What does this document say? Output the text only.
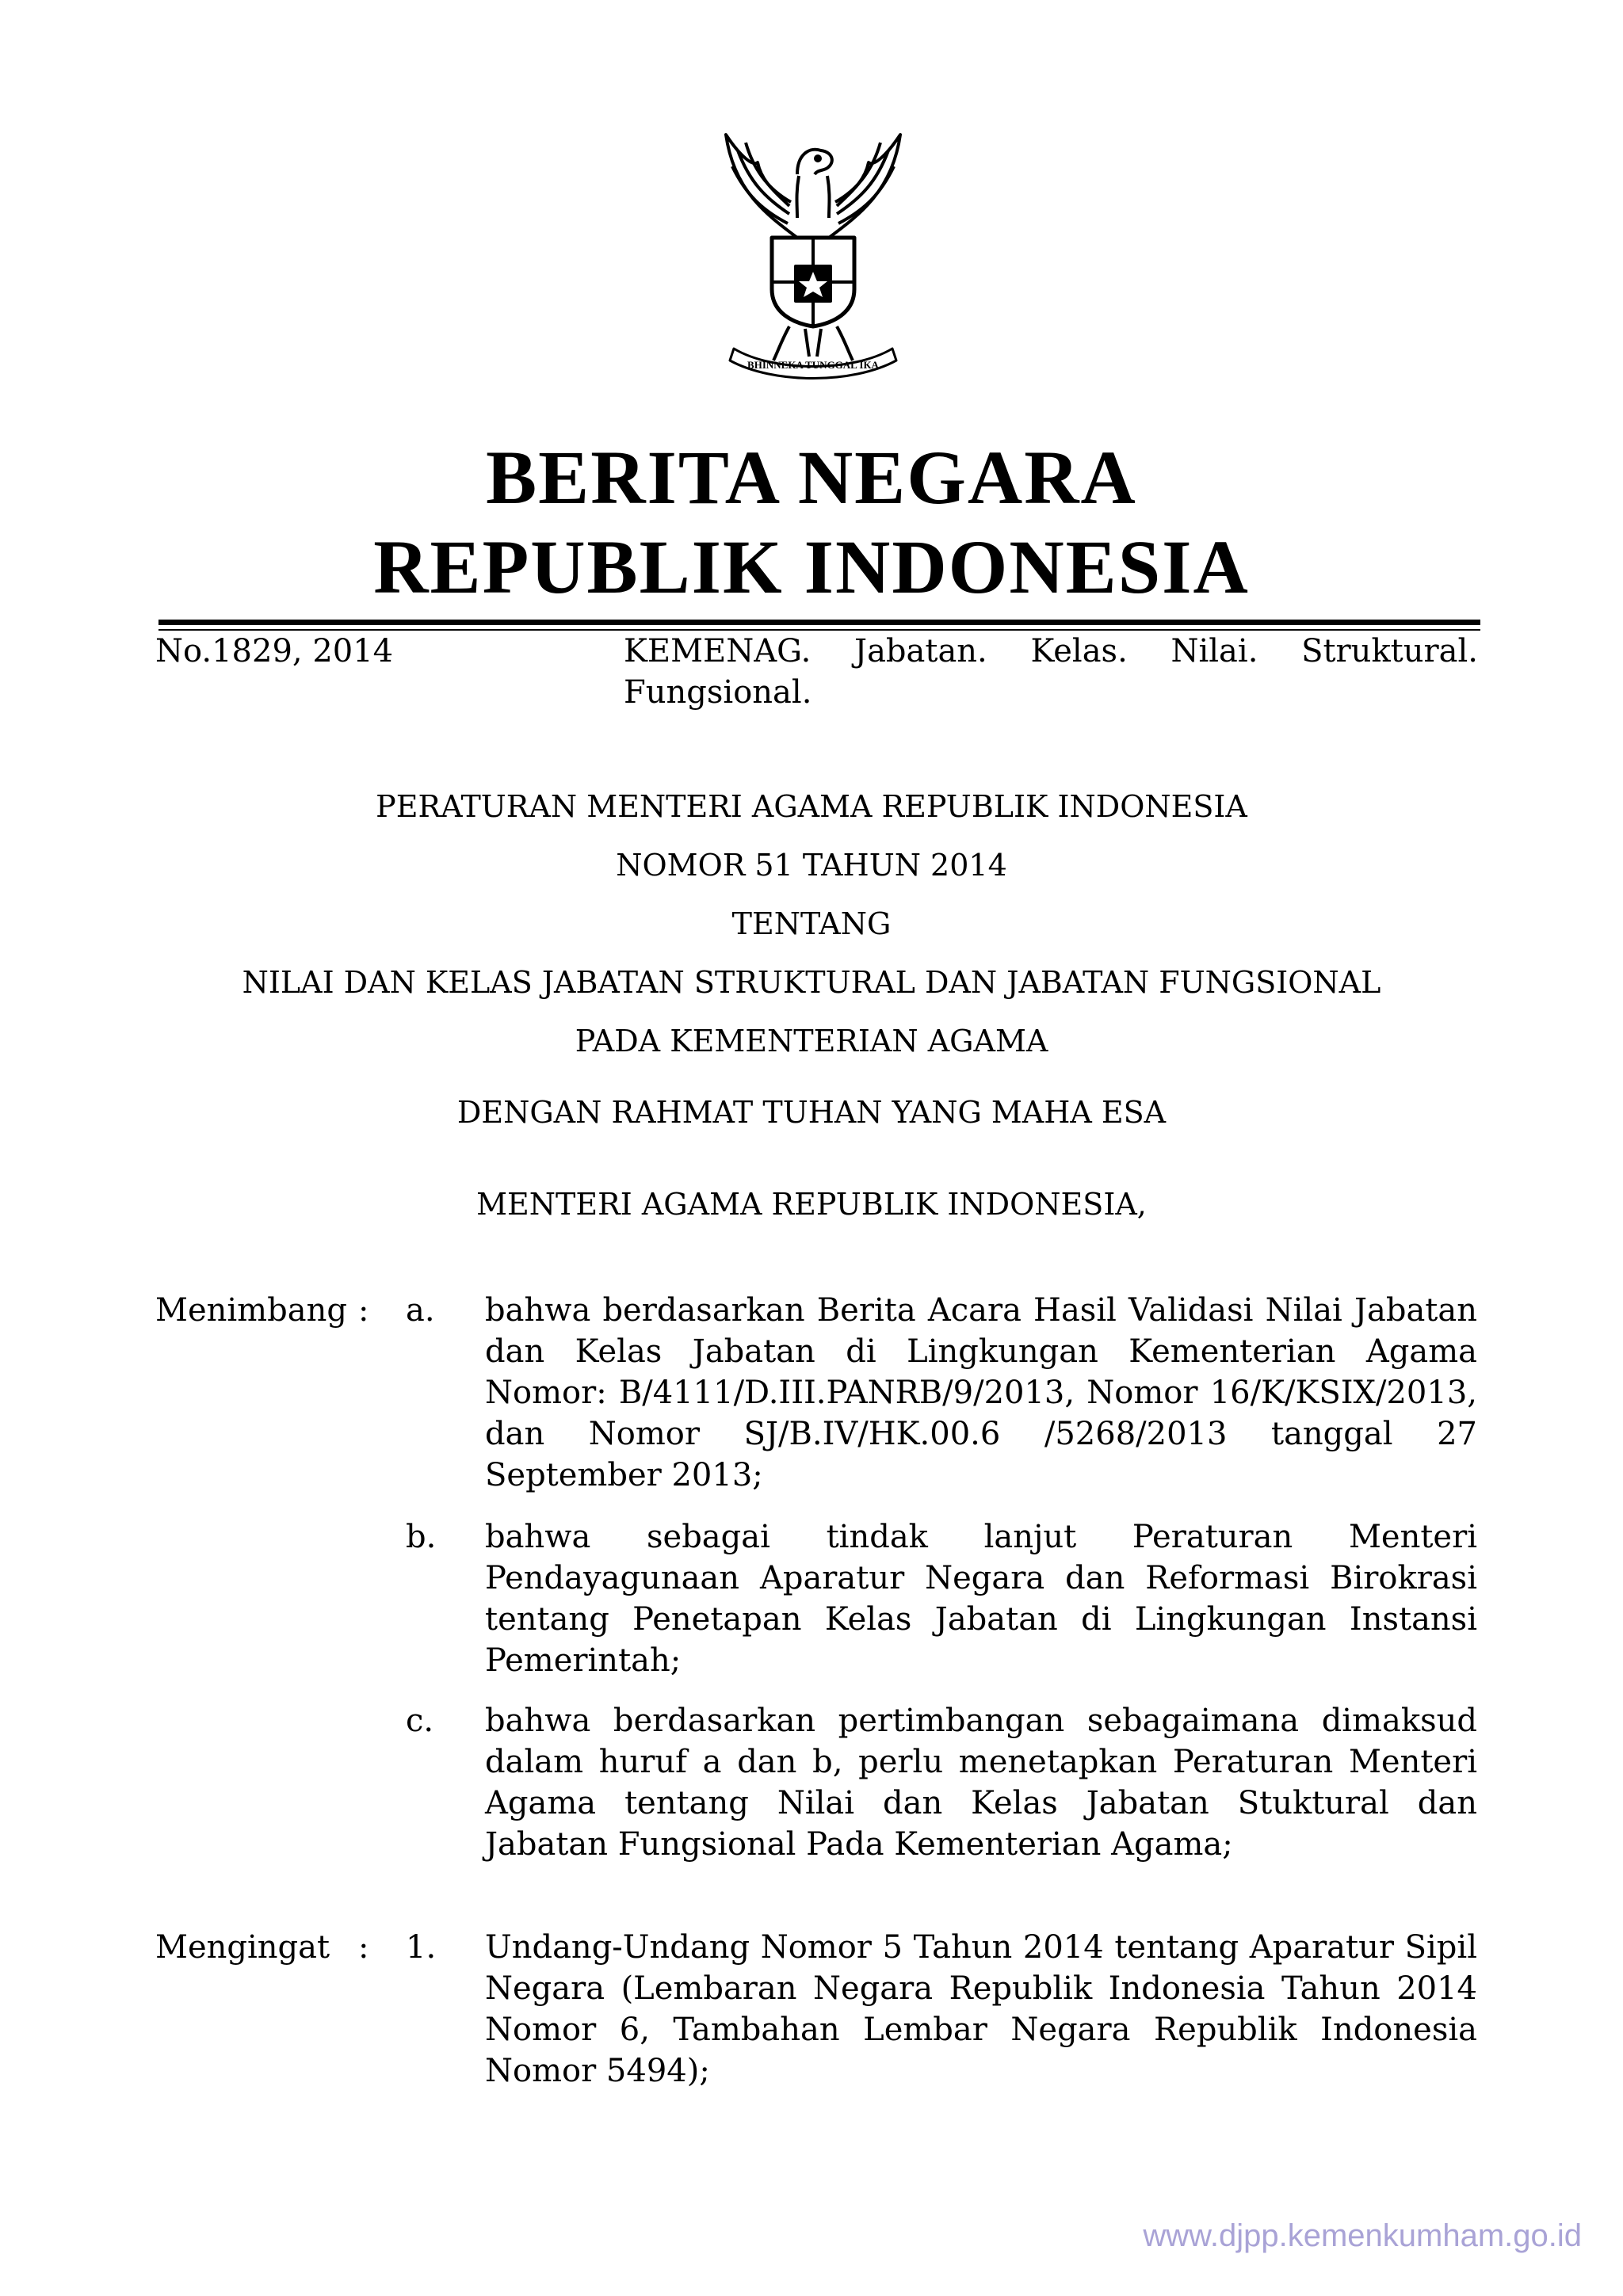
BHINNEKA TUNGGAL IKA
BERITA NEGARA
REPUBLIK INDONESIA
No.1829, 2014	KEMENAG. Jabatan. Kelas. Nilai. Struktural. Fungsional.
PERATURAN MENTERI AGAMA REPUBLIK INDONESIA
NOMOR 51 TAHUN 2014
TENTANG
NILAI DAN KELAS JABATAN STRUKTURAL DAN JABATAN FUNGSIONAL
PADA KEMENTERIAN AGAMA
DENGAN RAHMAT TUHAN YANG MAHA ESA
MENTERI AGAMA REPUBLIK INDONESIA,
Menimbang : a. bahwa berdasarkan Berita Acara Hasil Validasi Nilai Jabatan dan Kelas Jabatan di Lingkungan Kementerian Agama Nomor: B/4111/D.III.PANRB/9/2013, Nomor 16/K/KSIX/2013, dan Nomor SJ/B.IV/HK.00.6 /5268/2013 tanggal 27 September 2013;

b. bahwa sebagai tindak lanjut Peraturan Menteri Pendayagunaan Aparatur Negara dan Reformasi Birokrasi tentang Penetapan Kelas Jabatan di Lingkungan Instansi Pemerintah;

c. bahwa berdasarkan pertimbangan sebagaimana dimaksud dalam huruf a dan b, perlu menetapkan Peraturan Menteri Agama tentang Nilai dan Kelas Jabatan Stuktural dan Jabatan Fungsional Pada Kementerian Agama;

Mengingat : 1. Undang-Undang Nomor 5 Tahun 2014 tentang Aparatur Sipil Negara (Lembaran Negara Republik Indonesia Tahun 2014 Nomor 6, Tambahan Lembar Negara Republik Indonesia Nomor 5494);

www.djpp.kemenkumham.go.id
